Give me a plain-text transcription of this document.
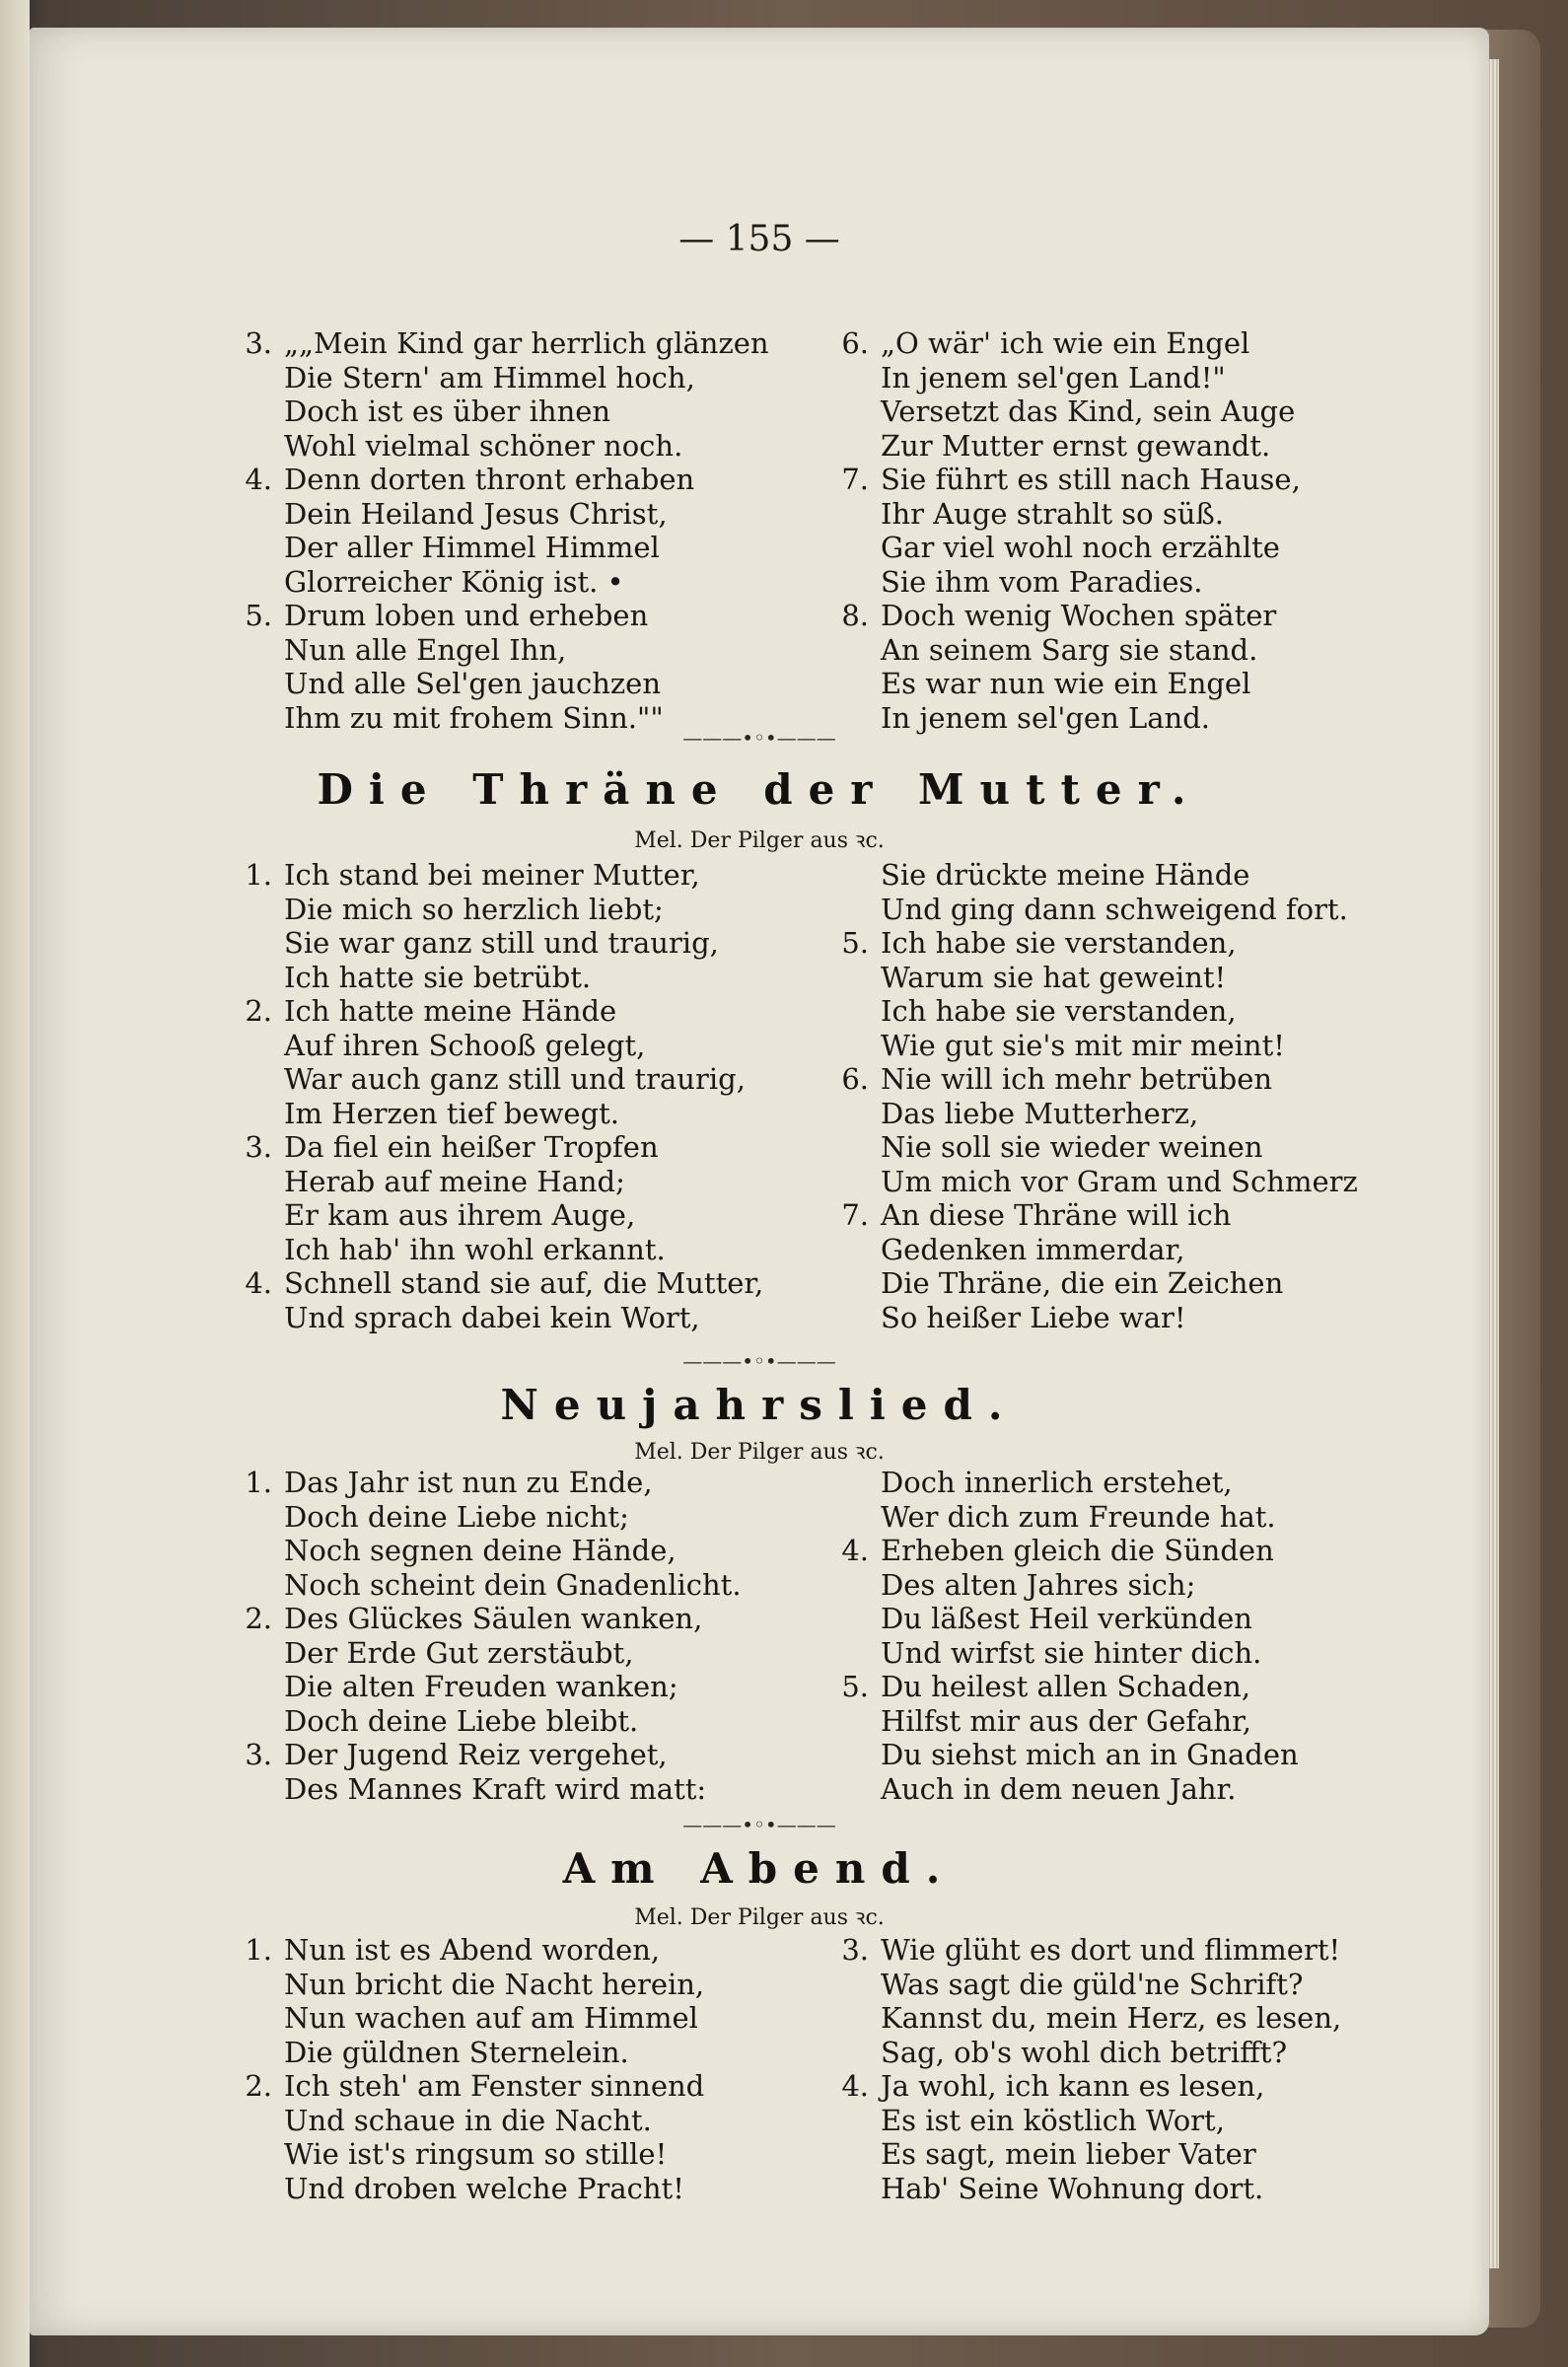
— 155 —
3. „„Mein Kind gar herrlich glänzen
Die Stern' am Himmel hoch,
Doch ist es über ihnen
Wohl vielmal schöner noch.
4. Denn dorten thront erhaben
Dein Heiland Jesus Christ,
Der aller Himmel Himmel
Glorreicher König ist. •
5. Drum loben und erheben
Nun alle Engel Ihn,
Und alle Sel'gen jauchzen
Ihm zu mit frohem Sinn.""
6. „O wär' ich wie ein Engel
In jenem sel'gen Land!"
Versetzt das Kind, sein Auge
Zur Mutter ernst gewandt.
7. Sie führt es still nach Hause,
Ihr Auge strahlt so süß.
Gar viel wohl noch erzählte
Sie ihm vom Paradies.
8. Doch wenig Wochen später
An seinem Sarg sie stand.
Es war nun wie ein Engel
In jenem sel'gen Land.
———•◦•———
Die Thräne der Mutter.
Mel. Der Pilger aus ꝛc.
1. Ich stand bei meiner Mutter,
Die mich so herzlich liebt;
Sie war ganz still und traurig,
Ich hatte sie betrübt.
2. Ich hatte meine Hände
Auf ihren Schooß gelegt,
War auch ganz still und traurig,
Im Herzen tief bewegt.
3. Da fiel ein heißer Tropfen
Herab auf meine Hand;
Er kam aus ihrem Auge,
Ich hab' ihn wohl erkannt.
4. Schnell stand sie auf, die Mutter,
Und sprach dabei kein Wort,
Sie drückte meine Hände
Und ging dann schweigend fort.
5. Ich habe sie verstanden,
Warum sie hat geweint!
Ich habe sie verstanden,
Wie gut sie's mit mir meint!
6. Nie will ich mehr betrüben
Das liebe Mutterherz,
Nie soll sie wieder weinen
Um mich vor Gram und Schmerz
7. An diese Thräne will ich
Gedenken immerdar,
Die Thräne, die ein Zeichen
So heißer Liebe war!
———•◦•———
Neujahrslied.
Mel. Der Pilger aus ꝛc.
1. Das Jahr ist nun zu Ende,
Doch deine Liebe nicht;
Noch segnen deine Hände,
Noch scheint dein Gnadenlicht.
2. Des Glückes Säulen wanken,
Der Erde Gut zerstäubt,
Die alten Freuden wanken;
Doch deine Liebe bleibt.
3. Der Jugend Reiz vergehet,
Des Mannes Kraft wird matt:
Doch innerlich erstehet,
Wer dich zum Freunde hat.
4. Erheben gleich die Sünden
Des alten Jahres sich;
Du läßest Heil verkünden
Und wirfst sie hinter dich.
5. Du heilest allen Schaden,
Hilfst mir aus der Gefahr,
Du siehst mich an in Gnaden
Auch in dem neuen Jahr.
———•◦•———
Am Abend.
Mel. Der Pilger aus ꝛc.
1. Nun ist es Abend worden,
Nun bricht die Nacht herein,
Nun wachen auf am Himmel
Die güldnen Sternelein.
2. Ich steh' am Fenster sinnend
Und schaue in die Nacht.
Wie ist's ringsum so stille!
Und droben welche Pracht!
3. Wie glüht es dort und flimmert!
Was sagt die güld'ne Schrift?
Kannst du, mein Herz, es lesen,
Sag, ob's wohl dich betrifft?
4. Ja wohl, ich kann es lesen,
Es ist ein köstlich Wort,
Es sagt, mein lieber Vater
Hab' Seine Wohnung dort.
